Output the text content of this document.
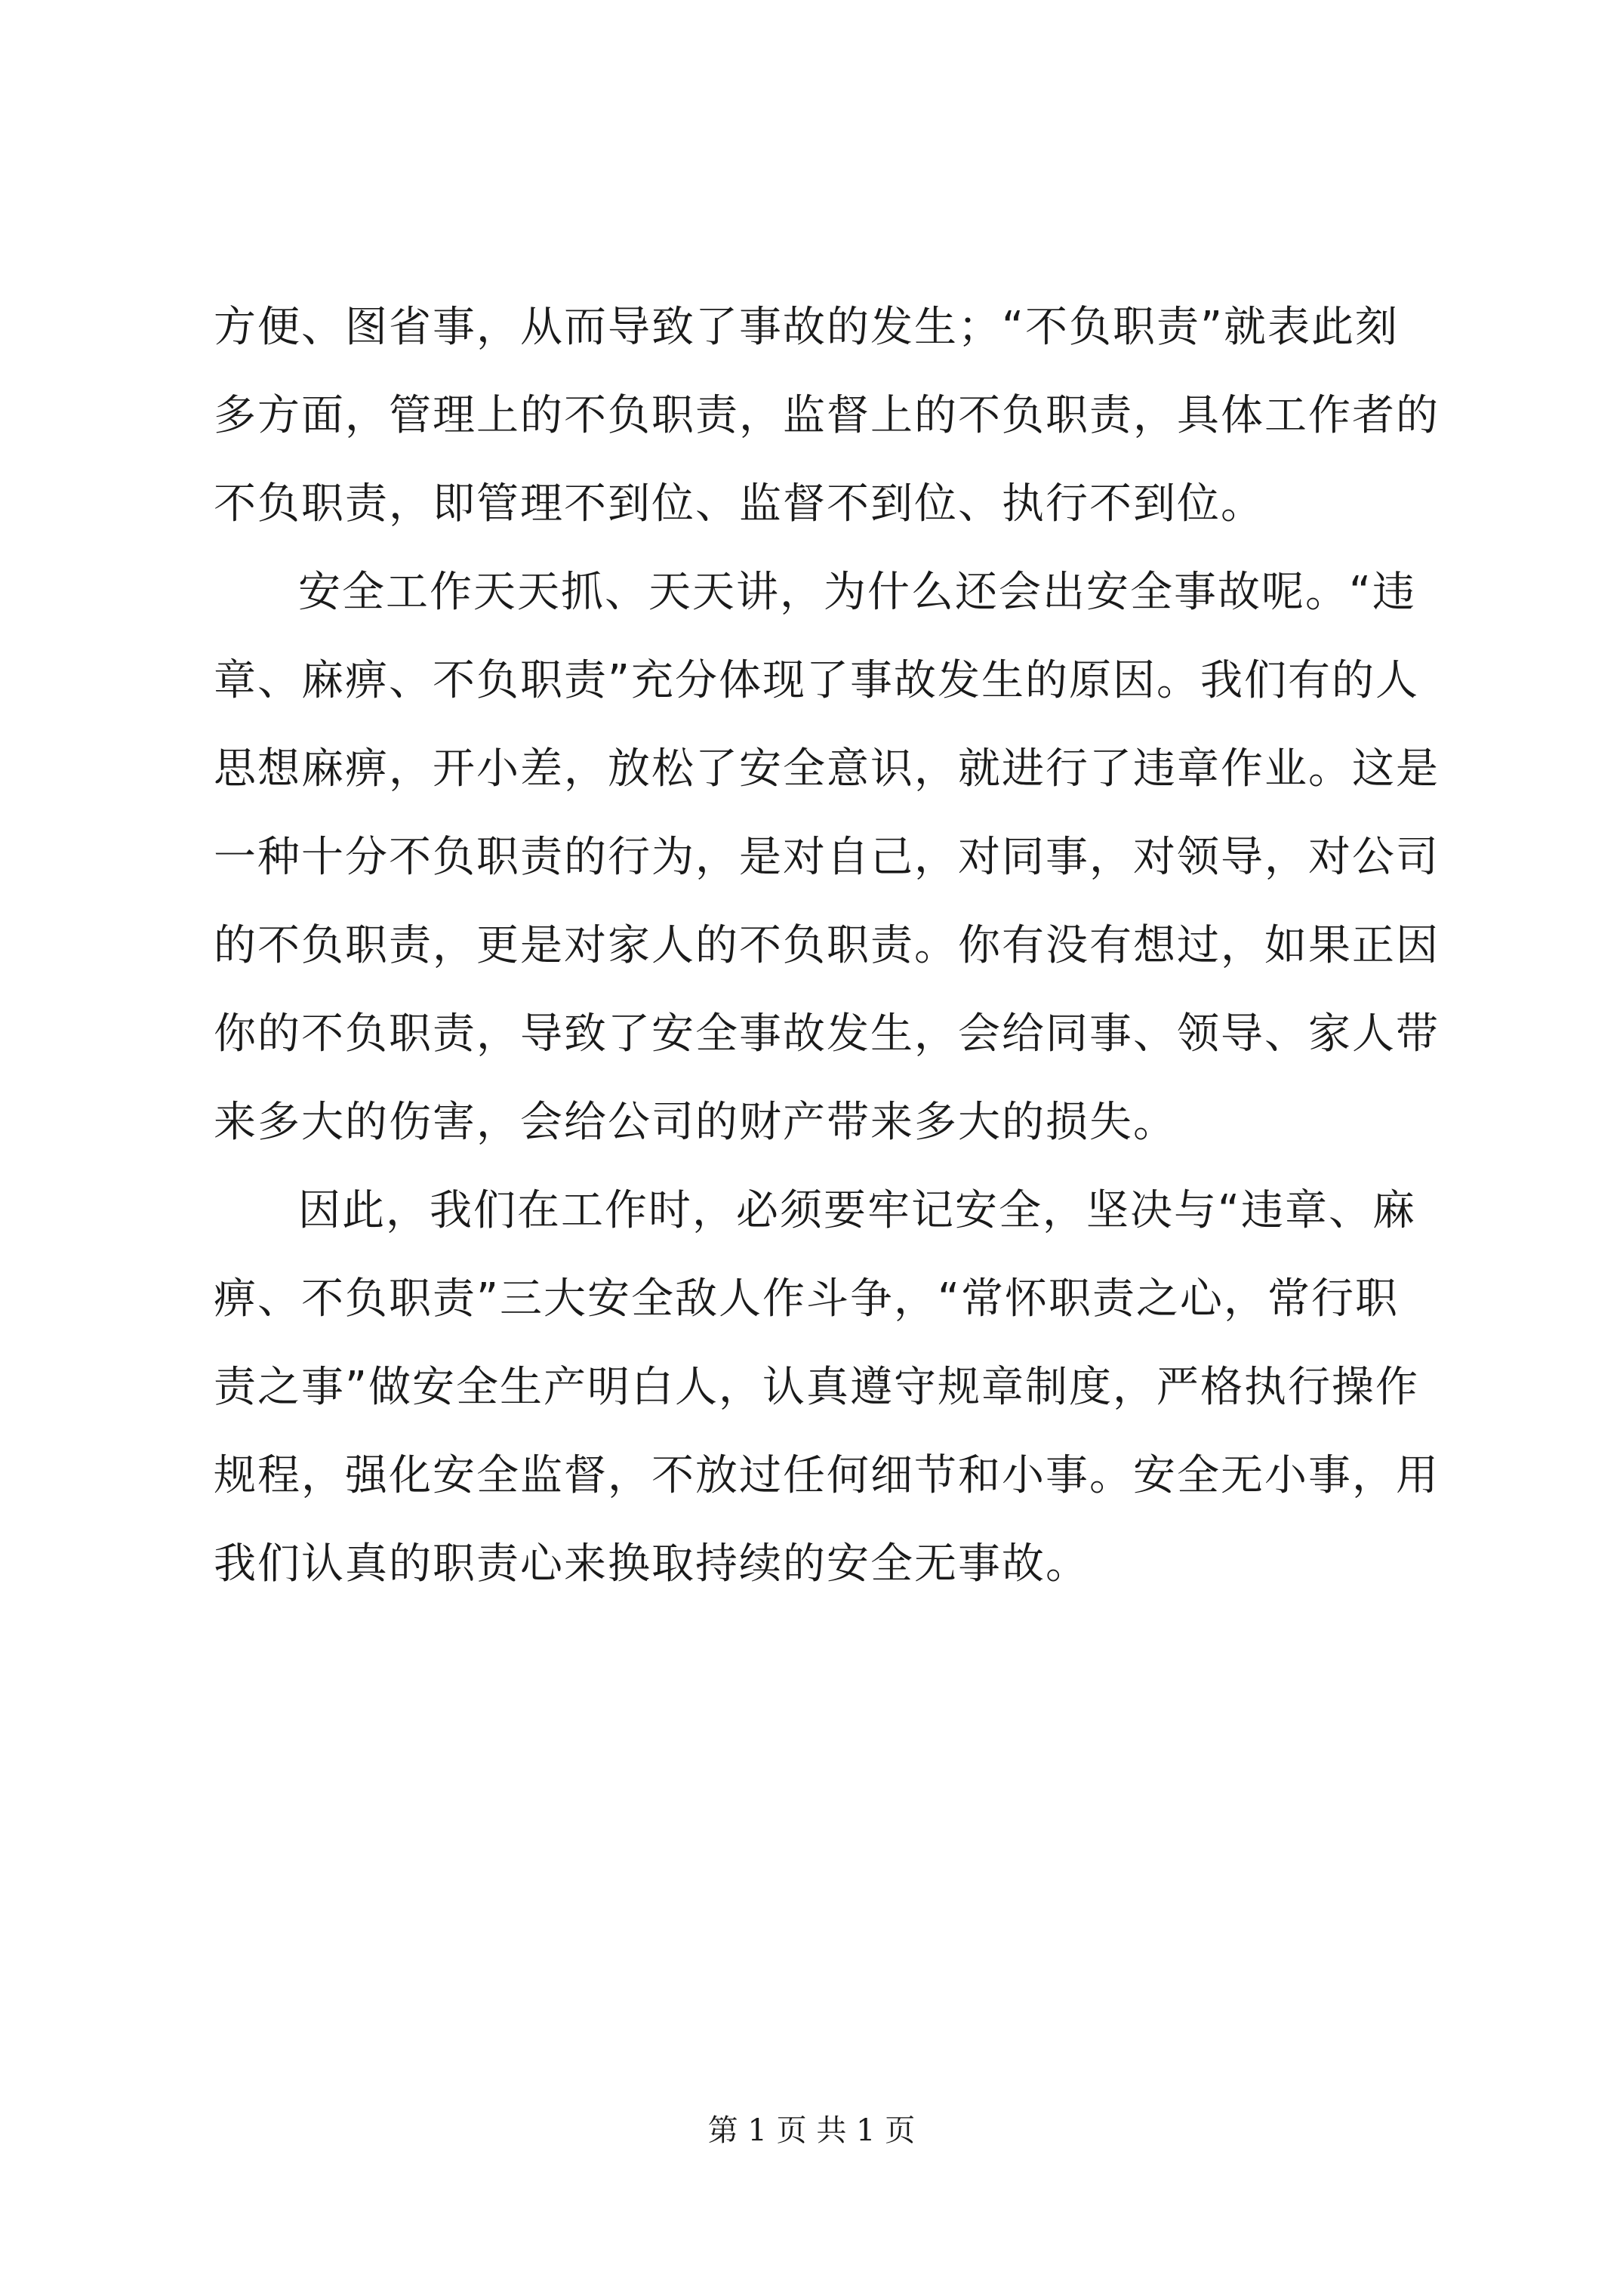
方便、图省事，从而导致了事故的发生；“不负职责”就表此刻
多方面，管理上的不负职责，监督上的不负职责，具体工作者的
不负职责，即管理不到位、监督不到位、执行不到位。
安全工作天天抓、天天讲，为什么还会出安全事故呢。“违
章、麻痹、不负职责”充分体现了事故发生的原因。我们有的人
思想麻痹，开小差，放松了安全意识，就进行了违章作业。这是
一种十分不负职责的行为，是对自己，对同事，对领导，对公司
的不负职责，更是对家人的不负职责。你有没有想过，如果正因
你的不负职责，导致了安全事故发生，会给同事、领导、家人带
来多大的伤害，会给公司的财产带来多大的损失。
因此，我们在工作时，必须要牢记安全，坚决与“违章、麻
痹、不负职责”三大安全敌人作斗争，“常怀职责之心，常行职
责之事”做安全生产明白人，认真遵守规章制度，严格执行操作
规程，强化安全监督，不放过任何细节和小事。安全无小事，用
我们认真的职责心来换取持续的安全无事故。
第 1 页 共 1 页
